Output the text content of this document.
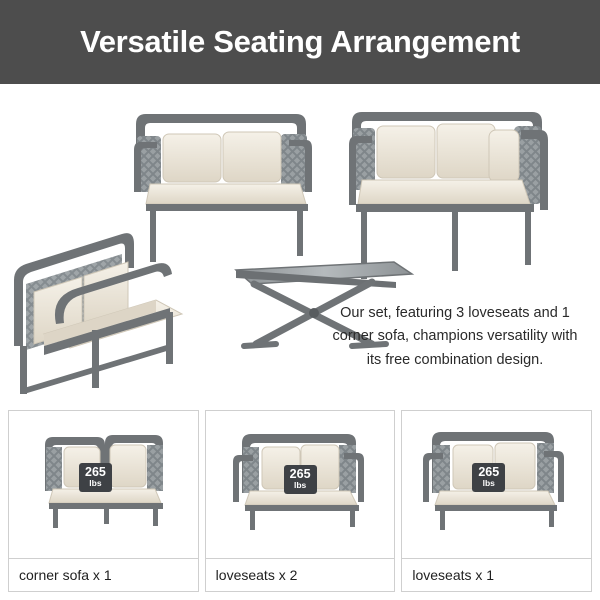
Versatile Seating Arrangement
Our set, featuring 3 loveseats and 1 corner sofa, champions versatility with its free combination design.
265
lbs
corner sofa x 1
265
lbs
loveseats x 2
265
lbs
loveseats x 1
